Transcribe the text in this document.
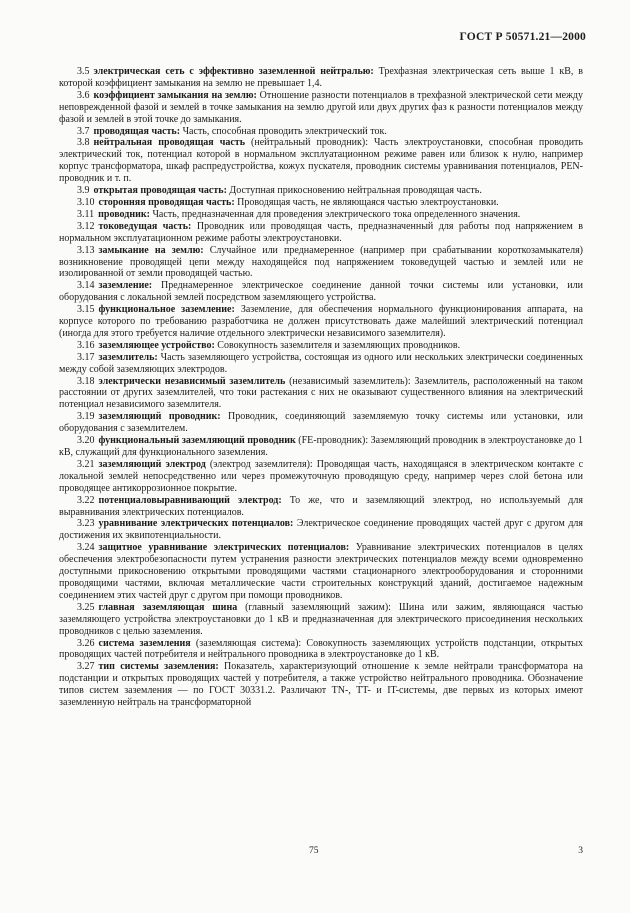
ГОСТ Р 50571.21—2000

3.5 электрическая сеть с эффективно заземленной нейтралью: Трехфазная электрическая сеть выше 1 кВ, в которой коэффициент замыкания на землю не превышает 1,4.

3.6 коэффициент замыкания на землю: Отношение разности потенциалов в трехфазной электрической сети между неповрежденной фазой и землей в точке замыкания на землю другой или двух других фаз к разности потенциалов между фазой и землей в этой точке до замыкания.

3.7 проводящая часть: Часть, способная проводить электрический ток.

3.8 нейтральная проводящая часть (нейтральный проводник): Часть электроустановки, способная проводить электрический ток, потенциал которой в нормальном эксплуатационном режиме равен или близок к нулю, например корпус трансформатора, шкаф распредустройства, кожух пускателя, проводник системы уравнивания потенциалов, PEN-проводник и т. п.

3.9 открытая проводящая часть: Доступная прикосновению нейтральная проводящая часть.

3.10 сторонняя проводящая часть: Проводящая часть, не являющаяся частью электроустановки.

3.11 проводник: Часть, предназначенная для проведения электрического тока определенного значения.

3.12 токоведущая часть: Проводник или проводящая часть, предназначенный для работы под напряжением в нормальном эксплуатационном режиме работы электроустановки.

3.13 замыкание на землю: Случайное или преднамеренное (например при срабатывании короткозамыкателя) возникновение проводящей цепи между находящейся под напряжением токоведущей частью и землей или не изолированной от земли проводящей частью.

3.14 заземление: Преднамеренное электрическое соединение данной точки системы или установки, или оборудования с локальной землей посредством заземляющего устройства.

3.15 функциональное заземление: Заземление, для обеспечения нормального функционирования аппарата, на корпусе которого по требованию разработчика не должен присутствовать даже малейший электрический потенциал (иногда для этого требуется наличие отдельного электрически независимого заземлителя).

3.16 заземляющее устройство: Совокупность заземлителя и заземляющих проводников.

3.17 заземлитель: Часть заземляющего устройства, состоящая из одного или нескольких электрически соединенных между собой заземляющих электродов.

3.18 электрически независимый заземлитель (независимый заземлитель): Заземлитель, расположенный на таком расстоянии от других заземлителей, что токи растекания с них не оказывают существенного влияния на электрический потенциал независимого заземлителя.

3.19 заземляющий проводник: Проводник, соединяющий заземляемую точку системы или установки, или оборудования с заземлителем.

3.20 функциональный заземляющий проводник (FE-проводник): Заземляющий проводник в электроустановке до 1 кВ, служащий для функционального заземления.

3.21 заземляющий электрод (электрод заземлителя): Проводящая часть, находящаяся в электрическом контакте с локальной землей непосредственно или через промежуточную проводящую среду, например через слой бетона или проводящее антикоррозионное покрытие.

3.22 потенциаловыравнивающий электрод: То же, что и заземляющий электрод, но используемый для выравнивания электрических потенциалов.

3.23 уравнивание электрических потенциалов: Электрическое соединение проводящих частей друг с другом для достижения их эквипотенциальности.

3.24 защитное уравнивание электрических потенциалов: Уравнивание электрических потенциалов в целях обеспечения электробезопасности путем устранения разности электрических потенциалов между всеми одновременно доступными прикосновению открытыми проводящими частями стационарного электрооборудования и сторонними проводящими частями, включая металлические части строительных конструкций зданий, достигаемое надежным соединением этих частей друг с другом при помощи проводников.

3.25 главная заземляющая шина (главный заземляющий зажим): Шина или зажим, являющаяся частью заземляющего устройства электроустановки до 1 кВ и предназначенная для электрического присоединения нескольких проводников с целью заземления.

3.26 система заземления (заземляющая система): Совокупность заземляющих устройств подстанции, открытых проводящих частей потребителя и нейтрального проводника в электроустановке до 1 кВ.

3.27 тип системы заземления: Показатель, характеризующий отношение к земле нейтрали трансформатора на подстанции и открытых проводящих частей у потребителя, а также устройство нейтрального проводника. Обозначение типов систем заземления — по ГОСТ 30331.2. Различают TN-, TT- и IT-системы, две первых из которых имеют заземленную нейтраль на трансформаторной

75	3
